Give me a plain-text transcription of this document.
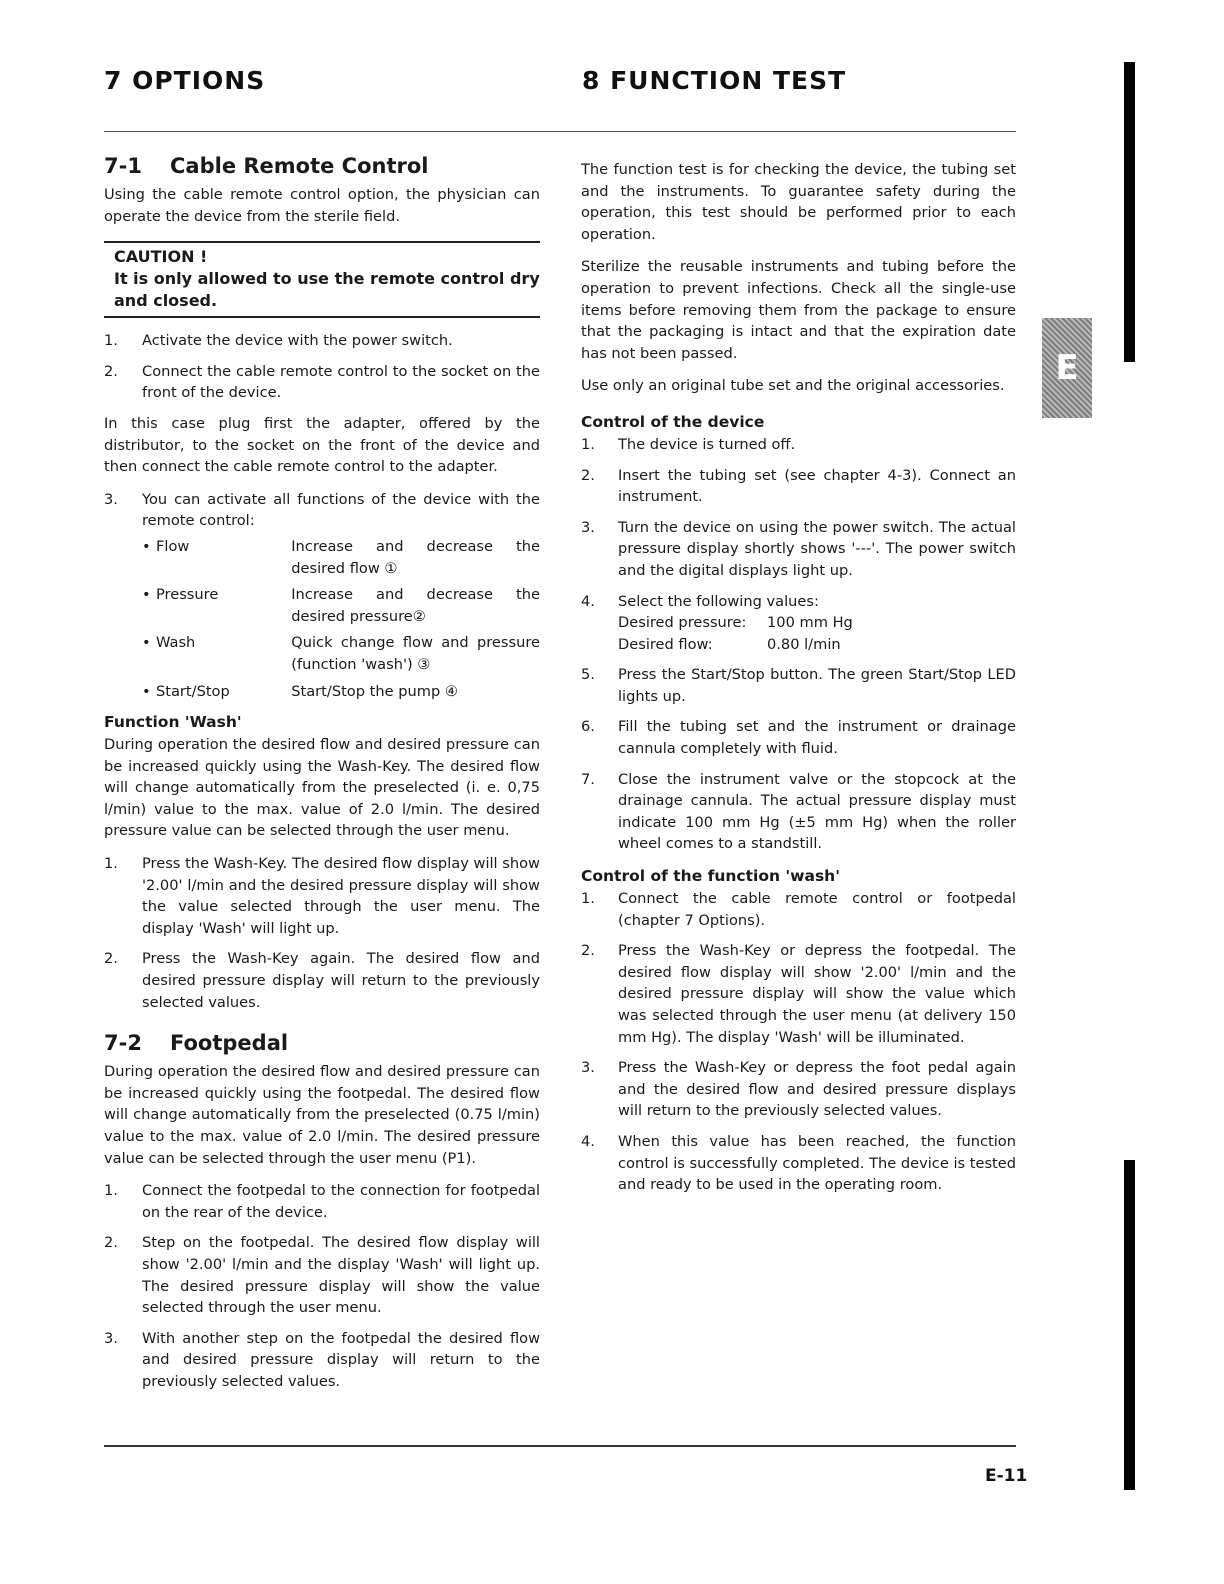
7 OPTIONS	8 FUNCTION TEST
E
7-1 Cable Remote Control

Using the cable remote control option, the physician can operate the device from the sterile field.

CAUTION !
It is only allowed to use the remote control dry and closed.
1. Activate the device with the power switch.
2. Connect the cable remote control to the socket on the front of the device.

In this case plug first the adapter, offered by the distributor, to the socket on the front of the device and then connect the cable remote control to the adapter.

3. You can activate all functions of the device with the remote control:
• Flow	Increase and decrease the desired flow ①
• Pressure	Increase and decrease the desired pressure②
• Wash	Quick change flow and pressure (function 'wash') ③
• Start/Stop	Start/Stop the pump ④
Function 'Wash'

During operation the desired flow and desired pressure can be increased quickly using the Wash-Key. The desired flow will change automatically from the preselected (i. e. 0,75 l/min) value to the max. value of 2.0 l/min. The desired pressure value can be selected through the user menu.

1. Press the Wash-Key. The desired flow display will show '2.00' l/min and the desired pressure display will show the value selected through the user menu. The display 'Wash' will light up.
2. Press the Wash-Key again. The desired flow and desired pressure display will return to the previously selected values.
7-2 Footpedal

During operation the desired flow and desired pressure can be increased quickly using the footpedal. The desired flow will change automatically from the preselected (0.75 l/min) value to the max. value of 2.0 l/min. The desired pressure value can be selected through the user menu (P1).

1. Connect the footpedal to the connection for footpedal on the rear of the device.
2. Step on the footpedal. The desired flow display will show '2.00' l/min and the display 'Wash' will light up. The desired pressure display will show the value selected through the user menu.
3. With another step on the footpedal the desired flow and desired pressure display will return to the previously selected values.

The function test is for checking the device, the tubing set and the instruments. To guarantee safety during the operation, this test should be performed prior to each operation.

Sterilize the reusable instruments and tubing before the operation to prevent infections. Check all the single-use items before removing them from the package to ensure that the packaging is intact and that the expiration date has not been passed.

Use only an original tube set and the original accessories.

Control of the device
1. The device is turned off.
2. Insert the tubing set (see chapter 4-3). Connect an instrument.
3. Turn the device on using the power switch. The actual pressure display shortly shows '---'. The power switch and the digital displays light up.
4. Select the following values:
Desired pressure:	100 mm Hg
Desired flow:	0.80 l/min
5. Press the Start/Stop button. The green Start/Stop LED lights up.
6. Fill the tubing set and the instrument or drainage cannula completely with fluid.
7. Close the instrument valve or the stopcock at the drainage cannula. The actual pressure display must indicate 100 mm Hg (±5 mm Hg) when the roller wheel comes to a standstill.
Control of the function 'wash'
1. Connect the cable remote control or footpedal (chapter 7 Options).
2. Press the Wash-Key or depress the footpedal. The desired flow display will show '2.00' l/min and the desired pressure display will show the value which was selected through the user menu (at delivery 150 mm Hg). The display 'Wash' will be illuminated.
3. Press the Wash-Key or depress the foot pedal again and the desired flow and desired pressure displays will return to the previously selected values.
4. When this value has been reached, the function control is successfully completed. The device is tested and ready to be used in the operating room.
E-11
